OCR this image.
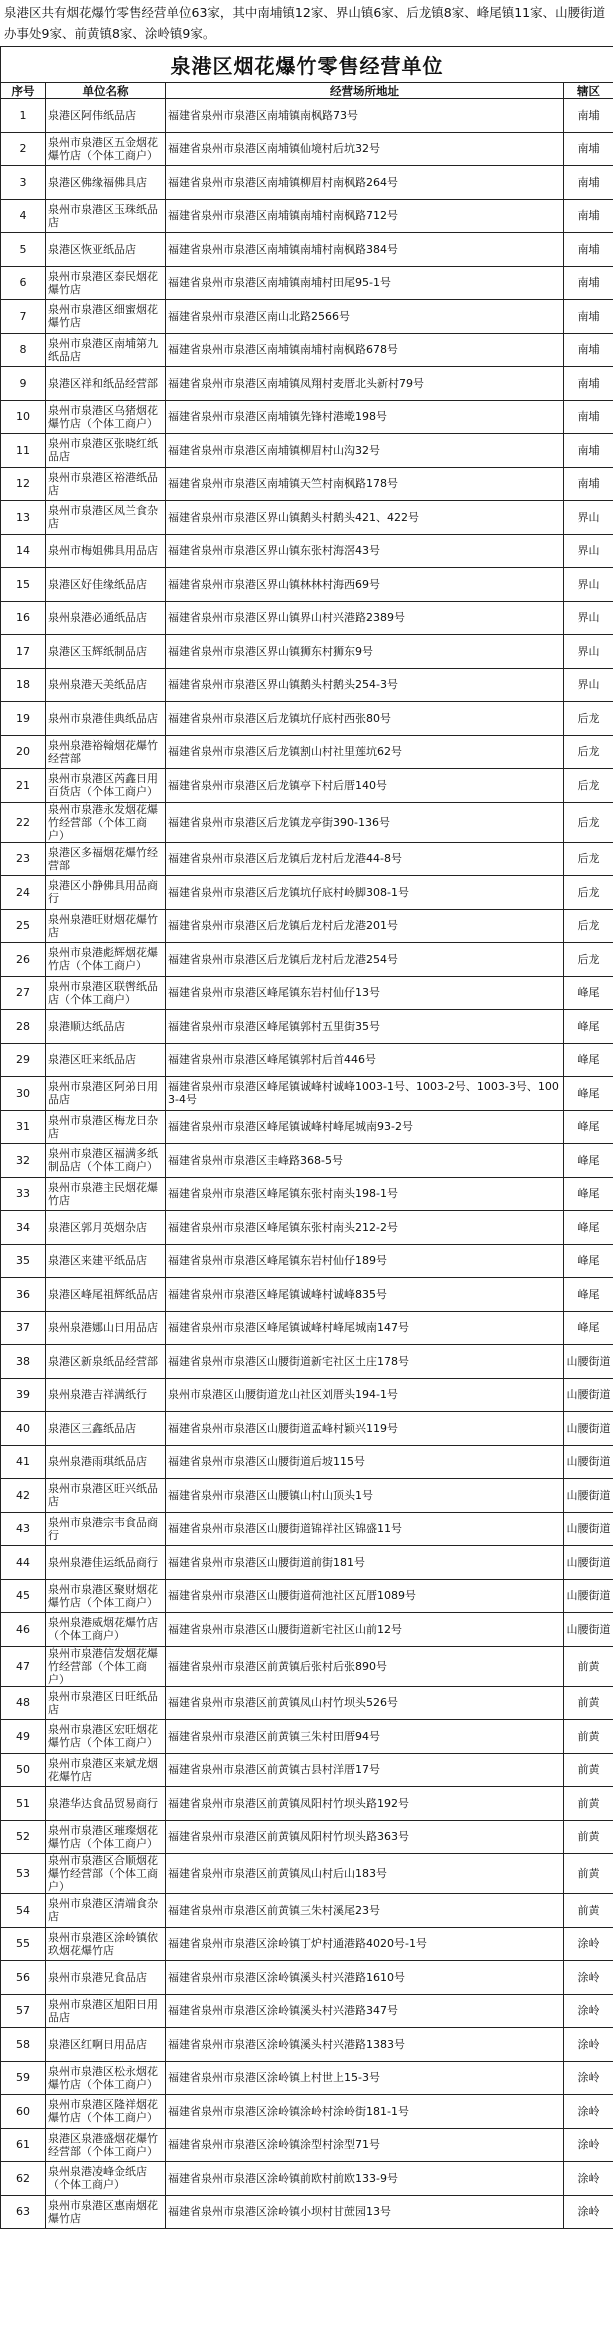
泉港区共有烟花爆竹零售经营单位63家，其中南埔镇12家、界山镇6家、后龙镇8家、峰尾镇11家、山腰街道办事处9家、前黄镇8家、涂岭镇9家。
泉港区烟花爆竹零售经营单位			
序号	单位名称	经营场所地址	辖区
1	泉港区阿伟纸品店	福建省泉州市泉港区南埔镇南枫路73号	南埔
2	泉州市泉港区五金烟花爆竹店（个体工商户）	福建省泉州市泉港区南埔镇仙境村后坑32号	南埔
3	泉港区佛缘福佛具店	福建省泉州市泉港区南埔镇柳眉村南枫路264号	南埔
4	泉州市泉港区玉珠纸品店	福建省泉州市泉港区南埔镇南埔村南枫路712号	南埔
5	泉港区恢亚纸品店	福建省泉州市泉港区南埔镇南埔村南枫路384号	南埔
6	泉州市泉港区泰民烟花爆竹店	福建省泉州市泉港区南埔镇南埔村田尾95-1号	南埔
7	泉州市泉港区细蜜烟花爆竹店	福建省泉州市泉港区南山北路2566号	南埔
8	泉州市泉港区南埔第九纸品店	福建省泉州市泉港区南埔镇南埔村南枫路678号	南埔
9	泉港区祥和纸品经营部	福建省泉州市泉港区南埔镇凤翔村麦厝北头新村79号	南埔
10	泉州市泉港区乌猪烟花爆竹店（个体工商户）	福建省泉州市泉港区南埔镇先锋村港墘198号	南埔
11	泉州市泉港区张晓红纸品店	福建省泉州市泉港区南埔镇柳眉村山沟32号	南埔
12	泉州市泉港区裕港纸品店	福建省泉州市泉港区南埔镇天竺村南枫路178号	南埔
13	泉州市泉港区凤兰食杂店	福建省泉州市泉港区界山镇鹅头村鹅头421、422号	界山
14	泉州市梅姐佛具用品店	福建省泉州市泉港区界山镇东张村海滘43号	界山
15	泉港区好佳缘纸品店	福建省泉州市泉港区界山镇林林村海西69号	界山
16	泉州泉港必通纸品店	福建省泉州市泉港区界山镇界山村兴港路2389号	界山
17	泉港区玉辉纸制品店	福建省泉州市泉港区界山镇狮东村狮东9号	界山
18	泉州泉港天美纸品店	福建省泉州市泉港区界山镇鹅头村鹅头254-3号	界山
19	泉州市泉港佳典纸品店	福建省泉州市泉港区后龙镇坑仔底村西张80号	后龙
20	泉州泉港裕翰烟花爆竹经营部	福建省泉州市泉港区后龙镇割山村社里莲坑62号	后龙
21	泉州市泉港区芮鑫日用百货店（个体工商户）	福建省泉州市泉港区后龙镇亭下村后厝140号	后龙
22	泉州市泉港永发烟花爆竹经营部（个体工商户）	福建省泉州市泉港区后龙镇龙亭街390-136号	后龙
23	泉港区多福烟花爆竹经营部	福建省泉州市泉港区后龙镇后龙村后龙港44-8号	后龙
24	泉港区小静佛具用品商行	福建省泉州市泉港区后龙镇坑仔底村岭脚308-1号	后龙
25	泉州泉港旺财烟花爆竹店	福建省泉州市泉港区后龙镇后龙村后龙港201号	后龙
26	泉州市泉港彪辉烟花爆竹店（个体工商户）	福建省泉州市泉港区后龙镇后龙村后龙港254号	后龙
27	泉州市泉港区联辔纸品店（个体工商户）	福建省泉州市泉港区峰尾镇东岩村仙仔13号	峰尾
28	泉港顺达纸品店	福建省泉州市泉港区峰尾镇郭村五里街35号	峰尾
29	泉港区旺来纸品店	福建省泉州市泉港区峰尾镇郭村后首446号	峰尾
30	泉州市泉港区阿弟日用品店	福建省泉州市泉港区峰尾镇诚峰村诚峰1003-1号、1003-2号、1003-3号、1003-4号	峰尾
31	泉州市泉港区梅龙日杂店	福建省泉州市泉港区峰尾镇诚峰村峰尾城南93-2号	峰尾
32	泉州市泉港区福满多纸制品店（个体工商户）	福建省泉州市泉港区圭峰路368-5号	峰尾
33	泉州市泉港主民烟花爆竹店	福建省泉州市泉港区峰尾镇东张村南头198-1号	峰尾
34	泉港区郭月英烟杂店	福建省泉州市泉港区峰尾镇东张村南头212-2号	峰尾
35	泉港区来建平纸品店	福建省泉州市泉港区峰尾镇东岩村仙仔189号	峰尾
36	泉港区峰尾祖辉纸品店	福建省泉州市泉港区峰尾镇诚峰村诚峰835号	峰尾
37	泉州泉港娜山日用品店	福建省泉州市泉港区峰尾镇诚峰村峰尾城南147号	峰尾
38	泉港区新泉纸品经营部	福建省泉州市泉港区山腰街道新宅社区土庄178号	山腰街道
39	泉州泉港吉祥满纸行	泉州市泉港区山腰街道龙山社区刘厝头194-1号	山腰街道
40	泉港区三鑫纸品店	福建省泉州市泉港区山腰街道孟峰村颖兴119号	山腰街道
41	泉州泉港雨琪纸品店	福建省泉州市泉港区山腰街道后坡115号	山腰街道
42	泉州市泉港区旺兴纸品店	福建省泉州市泉港区山腰镇山村山顶头1号	山腰街道
43	泉州市泉港宗韦食品商行	福建省泉州市泉港区山腰街道锦祥社区锦盛11号	山腰街道
44	泉州泉港佳运纸品商行	福建省泉州市泉港区山腰街道前街181号	山腰街道
45	泉州市泉港区聚财烟花爆竹店（个体工商户）	福建省泉州市泉港区山腰街道荷池社区瓦厝1089号	山腰街道
46	泉州泉港威烟花爆竹店（个体工商户）	福建省泉州市泉港区山腰街道新宅社区山前12号	山腰街道
47	泉州市泉港信发烟花爆竹经营部（个体工商户）	福建省泉州市泉港区前黄镇后张村后张890号	前黄
48	泉州市泉港区日旺纸品店	福建省泉州市泉港区前黄镇凤山村竹坝头526号	前黄
49	泉州市泉港区宏旺烟花爆竹店（个体工商户）	福建省泉州市泉港区前黄镇三朱村田厝94号	前黄
50	泉州市泉港区来斌龙烟花爆竹店	福建省泉州市泉港区前黄镇古县村洋厝17号	前黄
51	泉港华达食品贸易商行	福建省泉州市泉港区前黄镇凤阳村竹坝头路192号	前黄
52	泉州市泉港区璀璨烟花爆竹店（个体工商户）	福建省泉州市泉港区前黄镇凤阳村竹坝头路363号	前黄
53	泉州市泉港区合顺烟花爆竹经营部（个体工商户）	福建省泉州市泉港区前黄镇凤山村后山183号	前黄
54	泉州市泉港区清端食杂店	福建省泉州市泉港区前黄镇三朱村溪尾23号	前黄
55	泉州市泉港区涂岭镇依玖烟花爆竹店	福建省泉州市泉港区涂岭镇丁炉村通港路4020号-1号	涂岭
56	泉州市泉港兄食品店	福建省泉州市泉港区涂岭镇溪头村兴港路1610号	涂岭
57	泉州市泉港区旭阳日用品店	福建省泉州市泉港区涂岭镇溪头村兴港路347号	涂岭
58	泉港区红啊日用品店	福建省泉州市泉港区涂岭镇溪头村兴港路1383号	涂岭
59	泉州市泉港区松永烟花爆竹店（个体工商户）	福建省泉州市泉港区涂岭镇上村世上15-3号	涂岭
60	泉州市泉港区隆祥烟花爆竹店（个体工商户）	福建省泉州市泉港区涂岭镇涂岭村涂岭街181-1号	涂岭
61	泉港区泉港盛烟花爆竹经营部（个体工商户）	福建省泉州市泉港区涂岭镇涂型村涂型71号	涂岭
62	泉州泉港凌峰金纸店（个体工商户）	福建省泉州市泉港区涂岭镇前欧村前欧133-9号	涂岭
63	泉州市泉港区惠南烟花爆竹店	福建省泉州市泉港区涂岭镇小坝村甘蔗园13号	涂岭
